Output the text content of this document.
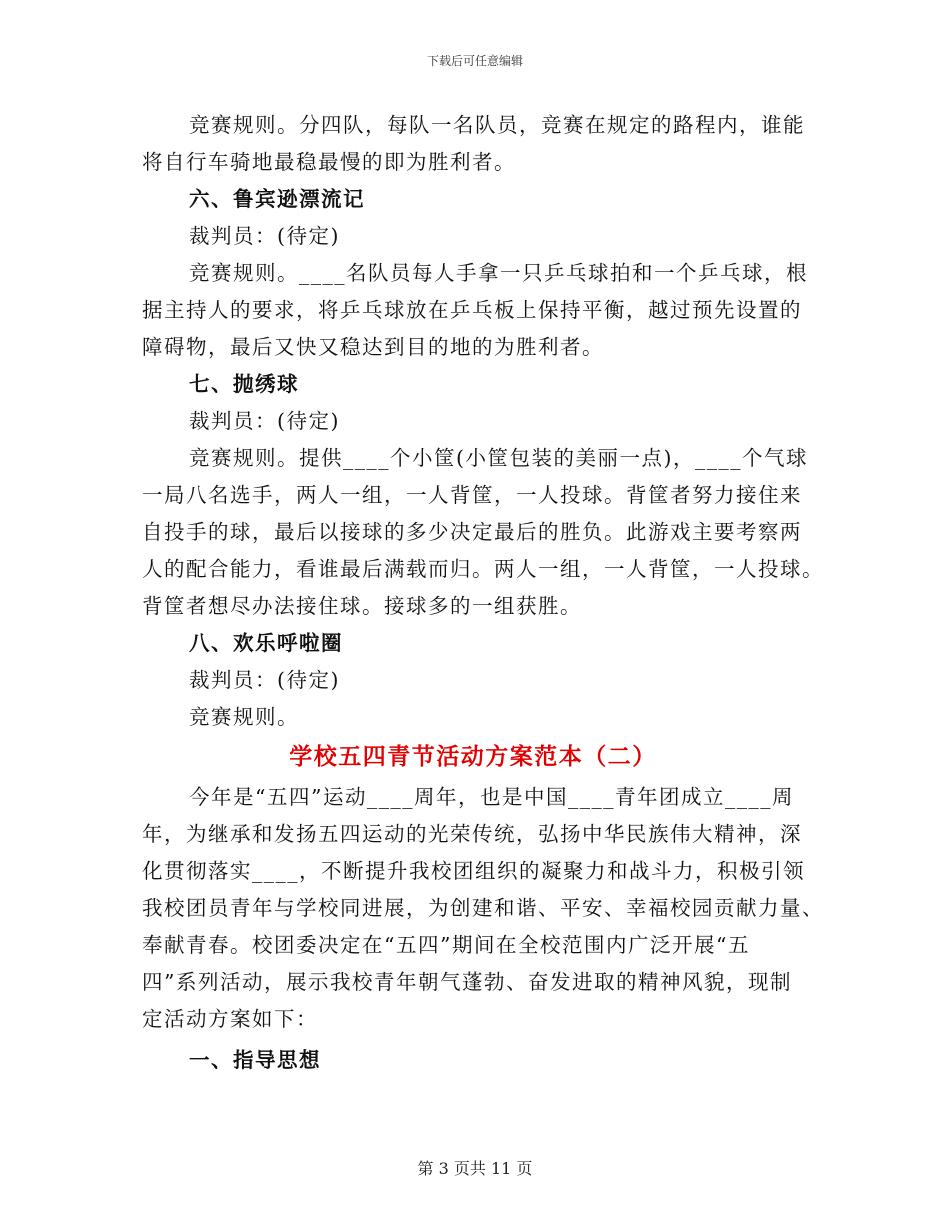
下载后可任意编辑

竞赛规则。分四队，每队一名队员，竞赛在规定的路程内，谁能

将自行车骑地最稳最慢的即为胜利者。

六、鲁宾逊漂流记

裁判员：(待定)

竞赛规则。____名队员每人手拿一只乒乓球拍和一个乒乓球，根

据主持人的要求，将乒乓球放在乒乓板上保持平衡，越过预先设置的

障碍物，最后又快又稳达到目的地的为胜利者。

七、抛绣球

裁判员：(待定)

竞赛规则。提供____个小筐(小筐包装的美丽一点)，____个气球

一局八名选手，两人一组，一人背筐，一人投球。背筐者努力接住来

自投手的球，最后以接球的多少决定最后的胜负。此游戏主要考察两

人的配合能力，看谁最后满载而归。两人一组，一人背筐，一人投球。

背筐者想尽办法接住球。接球多的一组获胜。

八、欢乐呼啦圈

裁判员：(待定)

竞赛规则。

学校五四青节活动方案范本（二）

今年是“五四”运动____周年，也是中国____青年团成立____周

年，为继承和发扬五四运动的光荣传统，弘扬中华民族伟大精神，深

化贯彻落实____，不断提升我校团组织的凝聚力和战斗力，积极引领

我校团员青年与学校同进展，为创建和谐、平安、幸福校园贡献力量、

奉献青春。校团委决定在“五四”期间在全校范围内广泛开展“五

四”系列活动，展示我校青年朝气蓬勃、奋发进取的精神风貌，现制

定活动方案如下：

一、指导思想

第 3 页共 11 页
